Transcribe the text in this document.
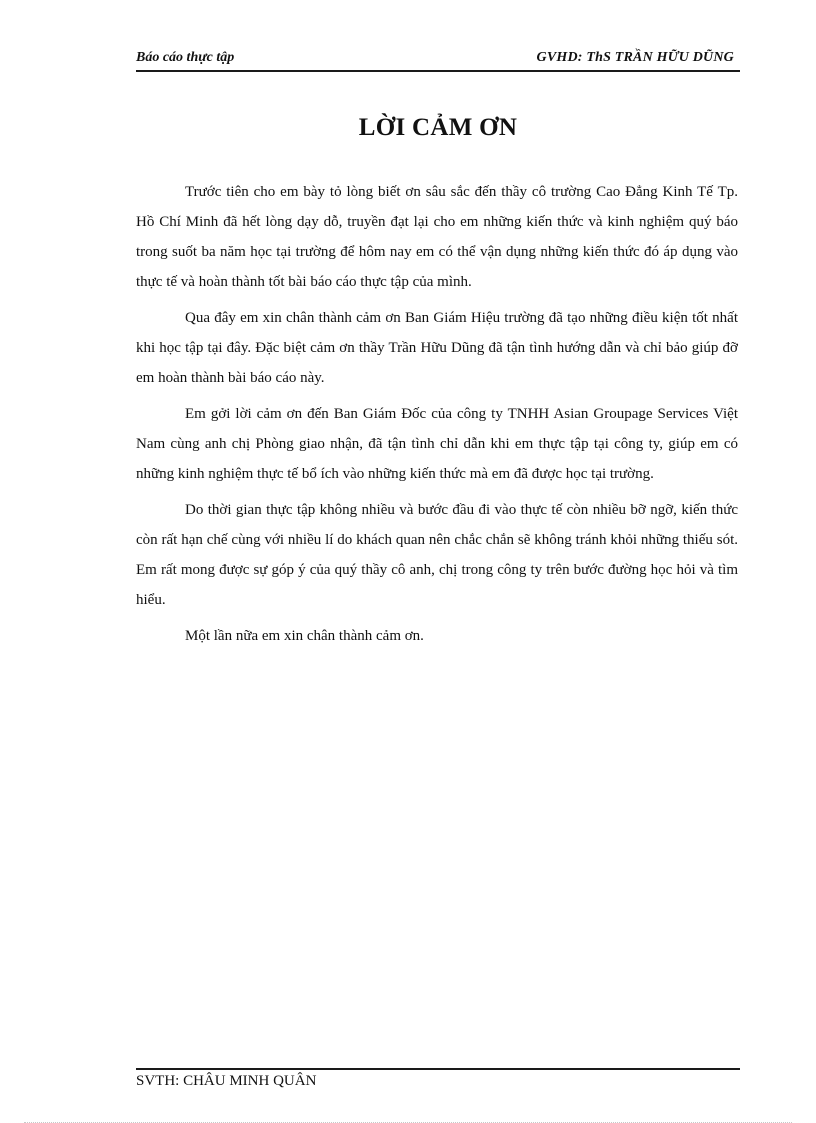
Báo cáo thực tập	GVHD: ThS TRẦN HỮU DŨNG
LỜI CẢM ƠN

Trước tiên cho em bày tỏ lòng biết ơn sâu sắc đến thầy cô trường Cao Đẳng Kinh Tế Tp. Hồ Chí Minh đã hết lòng dạy dỗ, truyền đạt lại cho em những kiến thức và kinh nghiệm quý báo trong suốt ba năm học tại trường để hôm nay em có thể vận dụng những kiến thức đó áp dụng vào thực tế và hoàn thành tốt bài báo cáo thực tập của mình.

Qua đây em xin chân thành cảm ơn Ban Giám Hiệu trường đã tạo những điều kiện tốt nhất khi học tập tại đây. Đặc biệt cảm ơn thầy Trần Hữu Dũng đã tận tình hướng dẫn và chỉ bảo giúp đỡ em hoàn thành bài báo cáo này.

Em gởi lời cảm ơn đến Ban Giám Đốc của công ty TNHH Asian Groupage Services Việt Nam cùng anh chị Phòng giao nhận, đã tận tình chỉ dẫn khi em thực tập tại công ty, giúp em có những kinh nghiệm thực tế bổ ích vào những kiến thức mà em đã được học tại trường.

Do thời gian thực tập không nhiều và bước đầu đi vào thực tế còn nhiều bỡ ngỡ, kiến thức còn rất hạn chế cùng với nhiều lí do khách quan nên chắc chắn sẽ không tránh khỏi những thiếu sót. Em rất mong được sự góp ý của quý thầy cô anh, chị trong công ty trên bước đường học hỏi và tìm hiểu.

Một lần nữa em xin chân thành cảm ơn.

SVTH: CHÂU MINH QUÂN
